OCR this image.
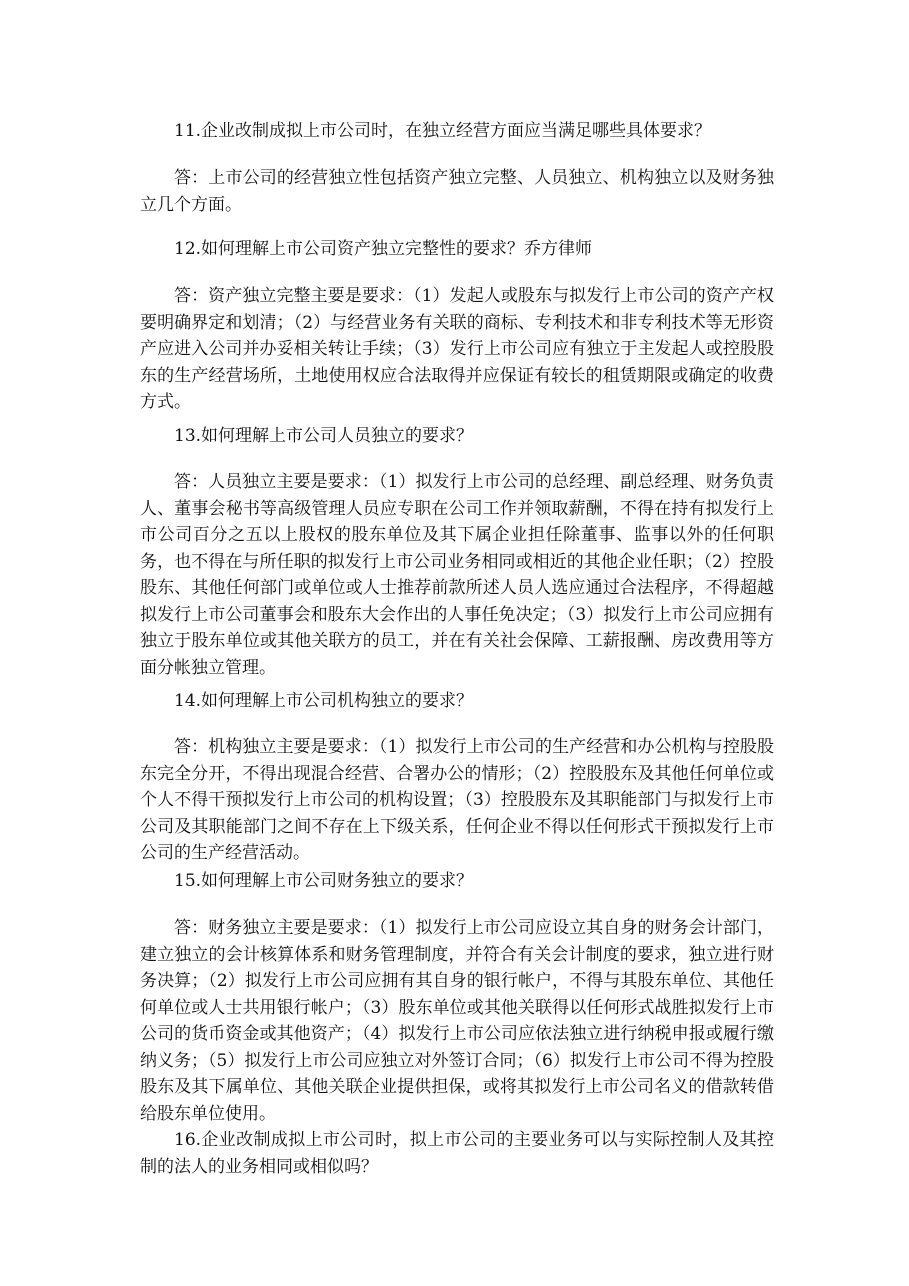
11.企业改制成拟上市公司时，在独立经营方面应当满足哪些具体要求？

答：上市公司的经营独立性包括资产独立完整、人员独立、机构独立以及财务独立几个方面。

12.如何理解上市公司资产独立完整性的要求？乔方律师

答：资产独立完整主要是要求：（1）发起人或股东与拟发行上市公司的资产产权要明确界定和划清；（2）与经营业务有关联的商标、专利技术和非专利技术等无形资产应进入公司并办妥相关转让手续；（3）发行上市公司应有独立于主发起人或控股股东的生产经营场所，土地使用权应合法取得并应保证有较长的租赁期限或确定的收费方式。

13.如何理解上市公司人员独立的要求？

答：人员独立主要是要求：（1）拟发行上市公司的总经理、副总经理、财务负责人、董事会秘书等高级管理人员应专职在公司工作并领取薪酬，不得在持有拟发行上市公司百分之五以上股权的股东单位及其下属企业担任除董事、监事以外的任何职务，也不得在与所任职的拟发行上市公司业务相同或相近的其他企业任职；（2）控股股东、其他任何部门或单位或人士推荐前款所述人员人选应通过合法程序，不得超越拟发行上市公司董事会和股东大会作出的人事任免决定；（3）拟发行上市公司应拥有独立于股东单位或其他关联方的员工，并在有关社会保障、工薪报酬、房改费用等方面分帐独立管理。

14.如何理解上市公司机构独立的要求？

答：机构独立主要是要求：（1）拟发行上市公司的生产经营和办公机构与控股股东完全分开，不得出现混合经营、合署办公的情形；（2）控股股东及其他任何单位或个人不得干预拟发行上市公司的机构设置；（3）控股股东及其职能部门与拟发行上市公司及其职能部门之间不存在上下级关系，任何企业不得以任何形式干预拟发行上市公司的生产经营活动。

15.如何理解上市公司财务独立的要求？

答：财务独立主要是要求：（1）拟发行上市公司应设立其自身的财务会计部门，建立独立的会计核算体系和财务管理制度，并符合有关会计制度的要求，独立进行财务决算；（2）拟发行上市公司应拥有其自身的银行帐户，不得与其股东单位、其他任何单位或人士共用银行帐户；（3）股东单位或其他关联得以任何形式战胜拟发行上市公司的货币资金或其他资产；（4）拟发行上市公司应依法独立进行纳税申报或履行缴纳义务；（5）拟发行上市公司应独立对外签订合同；（6）拟发行上市公司不得为控股股东及其下属单位、其他关联企业提供担保，或将其拟发行上市公司名义的借款转借给股东单位使用。

16.企业改制成拟上市公司时，拟上市公司的主要业务可以与实际控制人及其控制的法人的业务相同或相似吗？
